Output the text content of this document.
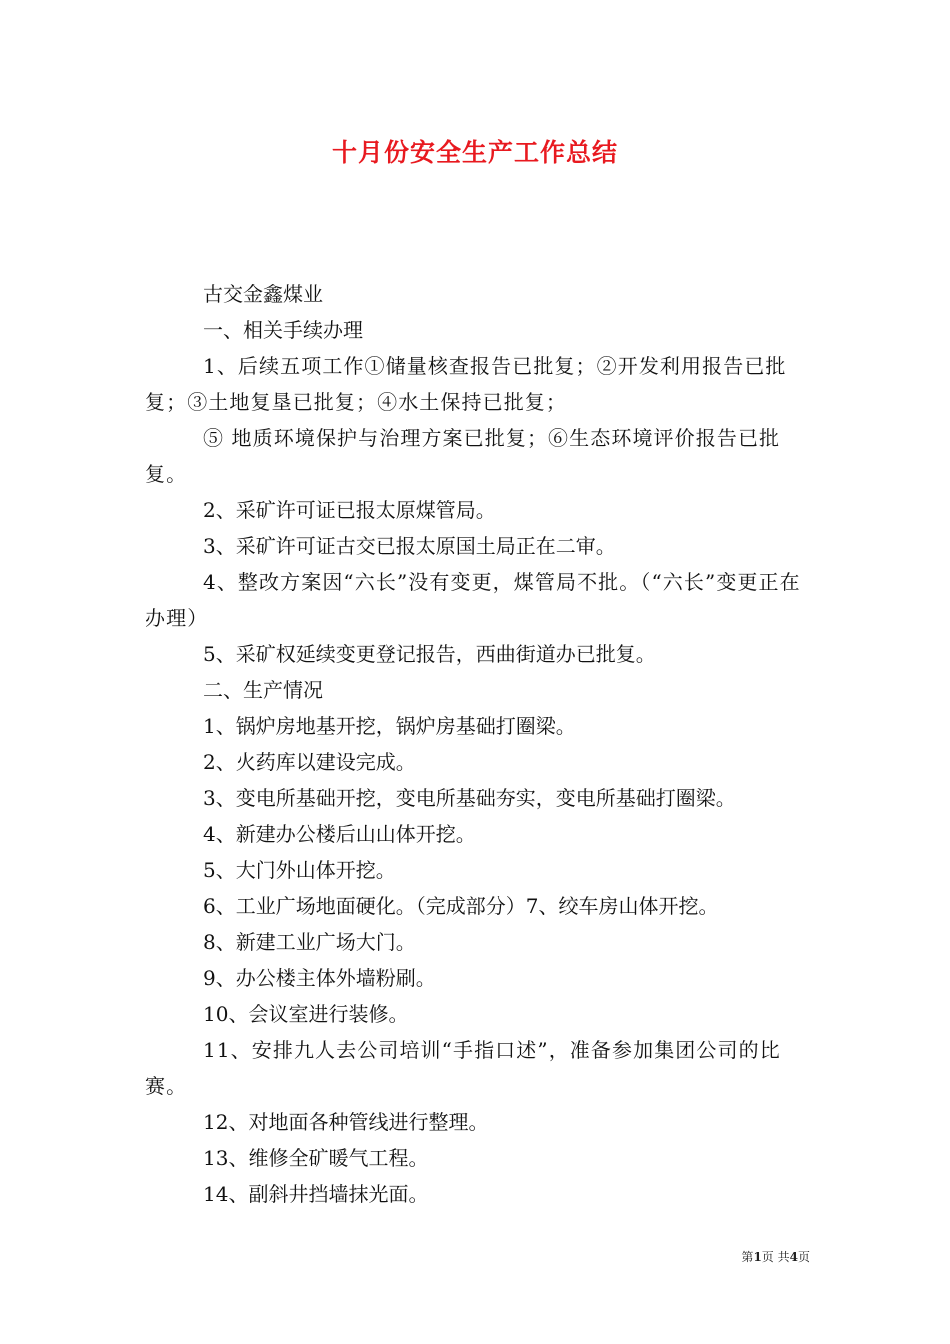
十月份安全生产工作总结

古交金鑫煤业

一、相关手续办理

1、后续五项工作①储量核查报告已批复；②开发利用报告已批复；③土地复垦已批复；④水土保持已批复；

⑤ 地质环境保护与治理方案已批复；⑥生态环境评价报告已批复。

2、采矿许可证已报太原煤管局。

3、采矿许可证古交已报太原国土局正在二审。

4、整改方案因“六长”没有变更，煤管局不批。（“六长”变更正在办理）

5、采矿权延续变更登记报告，西曲街道办已批复。

二、生产情况

1、锅炉房地基开挖，锅炉房基础打圈梁。

2、火药库以建设完成。

3、变电所基础开挖，变电所基础夯实，变电所基础打圈梁。

4、新建办公楼后山山体开挖。

5、大门外山体开挖。

6、工业广场地面硬化。（完成部分）7、绞车房山体开挖。

8、新建工业广场大门。

9、办公楼主体外墙粉刷。

10、会议室进行装修。

11、安排九人去公司培训“手指口述”，准备参加集团公司的比赛。

12、对地面各种管线进行整理。

13、维修全矿暖气工程。

14、副斜井挡墙抹光面。

第1页 共4页
